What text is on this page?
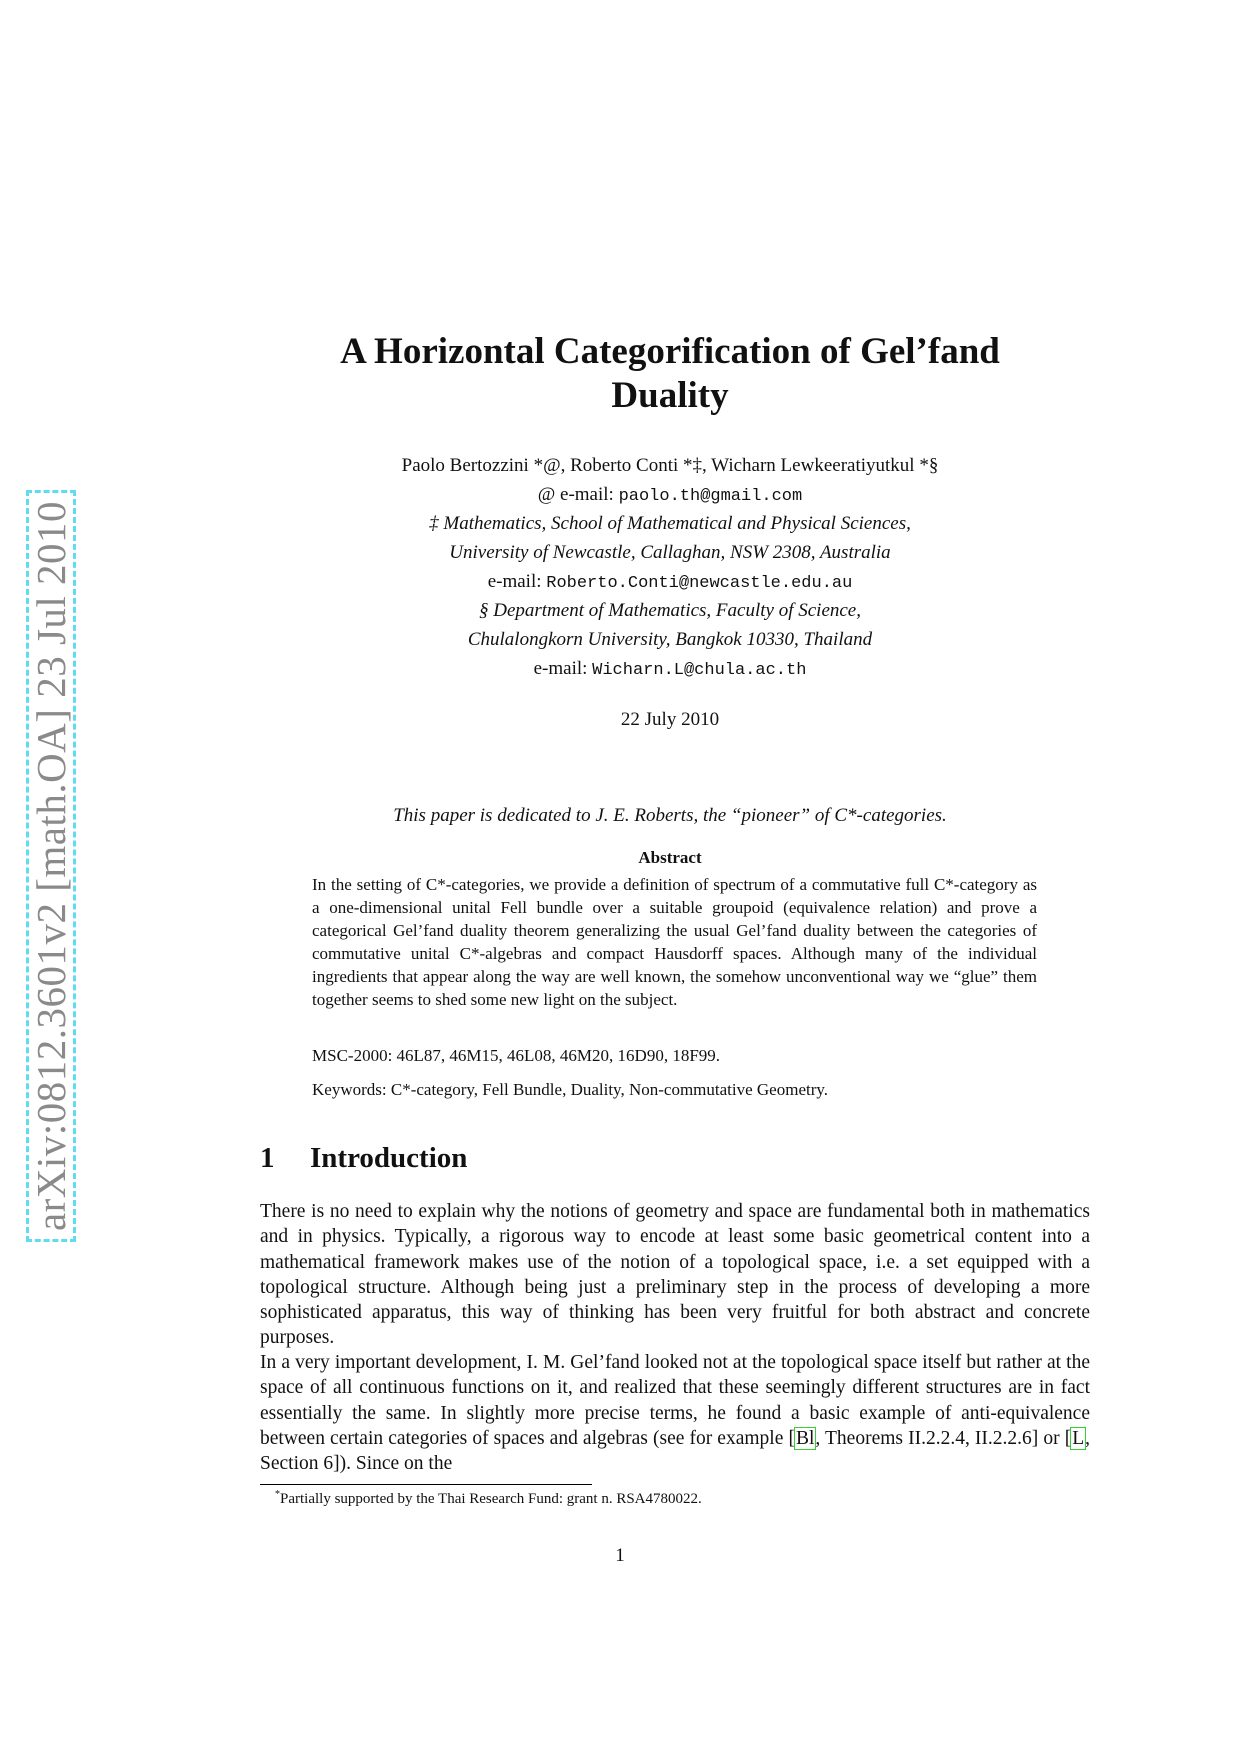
arXiv:0812.3601v2 [math.OA] 23 Jul 2010
A Horizontal Categorification of Gel’fand
Duality
Paolo Bertozzini *@, Roberto Conti *‡, Wicharn Lewkeeratiyutkul *§
@ e-mail: paolo.th@gmail.com
‡ Mathematics, School of Mathematical and Physical Sciences,
University of Newcastle, Callaghan, NSW 2308, Australia
e-mail: Roberto.Conti@newcastle.edu.au
§ Department of Mathematics, Faculty of Science,
Chulalongkorn University, Bangkok 10330, Thailand
e-mail: Wicharn.L@chula.ac.th
22 July 2010
This paper is dedicated to J. E. Roberts, the “pioneer” of C*-categories.
Abstract
In the setting of C*-categories, we provide a definition of spectrum of a commutative full C*-category as a one-dimensional unital Fell bundle over a suitable groupoid (equivalence relation) and prove a categorical Gel’fand duality theorem generalizing the usual Gel’fand duality between the categories of commutative unital C*-algebras and compact Hausdorff spaces. Although many of the individual ingredients that appear along the way are well known, the somehow unconventional way we “glue” them together seems to shed some new light on the subject.
MSC-2000: 46L87, 46M15, 46L08, 46M20, 16D90, 18F99.
Keywords: C*-category, Fell Bundle, Duality, Non-commutative Geometry.
1 Introduction
There is no need to explain why the notions of geometry and space are fundamental both in mathematics and in physics. Typically, a rigorous way to encode at least some basic geometrical content into a mathematical framework makes use of the notion of a topological space, i.e. a set equipped with a topological structure. Although being just a preliminary step in the process of developing a more sophisticated apparatus, this way of thinking has been very fruitful for both abstract and concrete purposes.
In a very important development, I. M. Gel’fand looked not at the topological space itself but rather at the space of all continuous functions on it, and realized that these seemingly different structures are in fact essentially the same. In slightly more precise terms, he found a basic example of anti-equivalence between certain categories of spaces and algebras (see for example [Bl, Theorems II.2.2.4, II.2.2.6] or [L, Section 6]). Since on the
*Partially supported by the Thai Research Fund: grant n. RSA4780022.
1
